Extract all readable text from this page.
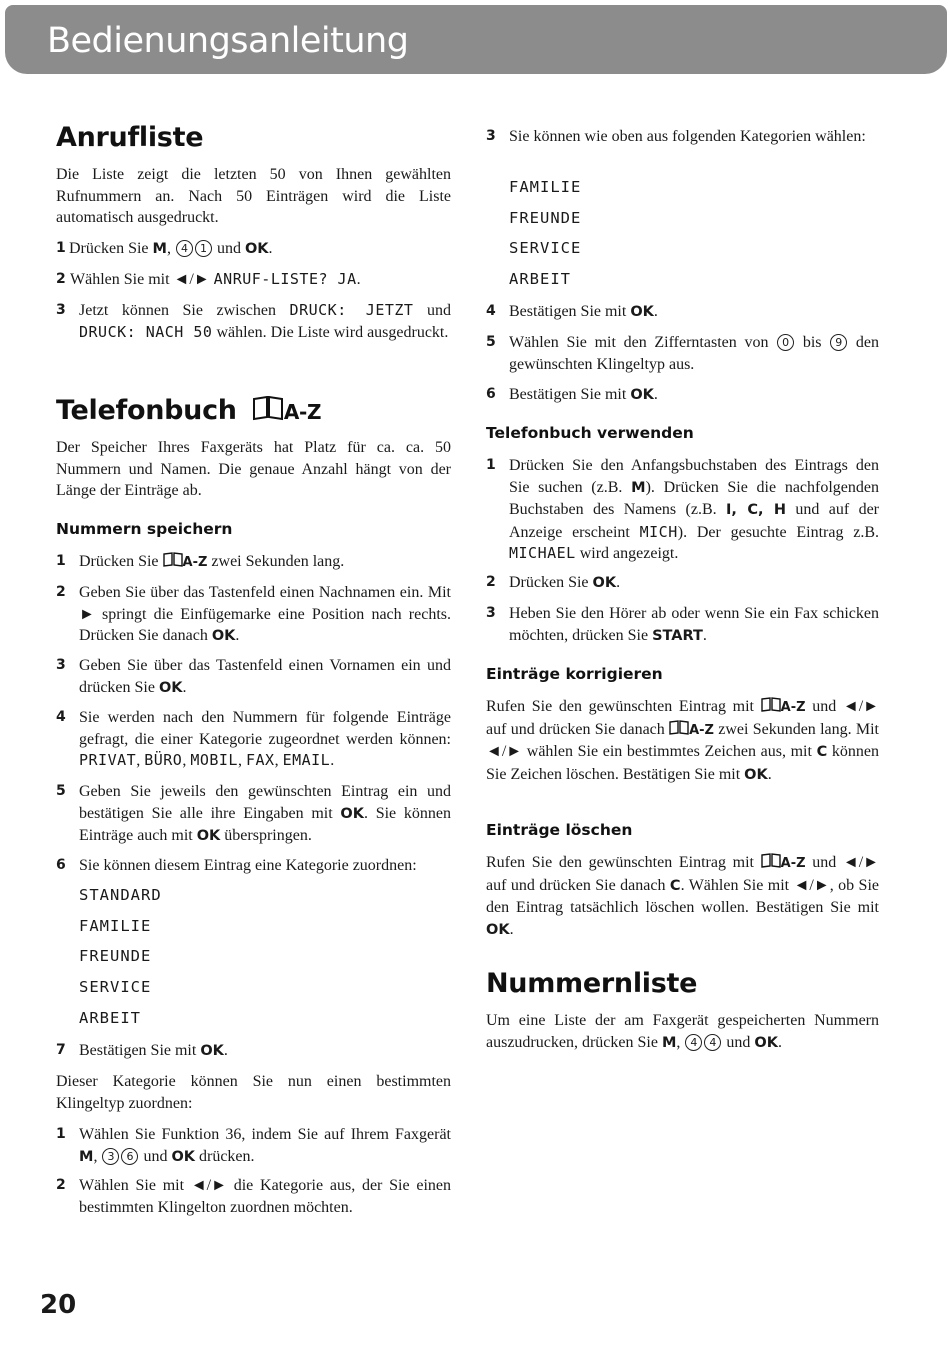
Bedienungsanleitung
Anrufliste
Die Liste zeigt die letzten 50 von Ihnen gewählten Rufnummern an. Nach 50 Einträgen wird die Liste automatisch ausgedruckt.
1 Drücken Sie M, 4 1 und OK.
2 Wählen Sie mit ◄/► ANRUF-LISTE? JA.
3 Jetzt können Sie zwischen DRUCK: JETZT und DRUCK: NACH 50 wählen. Die Liste wird ausgedruckt.
Telefonbuch A-Z
Der Speicher Ihres Faxgeräts hat Platz für ca. ca. 50 Nummern und Namen. Die genaue Anzahl hängt von der Länge der Einträge ab.
Nummern speichern
1 Drücken Sie A-Z zwei Sekunden lang.
2 Geben Sie über das Tastenfeld einen Nachnamen ein. Mit ► springt die Einfügemarke eine Position nach rechts. Drücken Sie danach OK.
3 Geben Sie über das Tastenfeld einen Vornamen ein und drücken Sie OK.
4 Sie werden nach den Nummern für folgende Einträge gefragt, die einer Kategorie zugeordnet werden können: PRIVAT, BÜRO, MOBIL, FAX, EMAIL.
5 Geben Sie jeweils den gewünschten Eintrag ein und bestätigen Sie alle ihre Eingaben mit OK. Sie können Einträge auch mit OK überspringen.
6 Sie können diesem Eintrag eine Kategorie zuordnen:
STANDARD
FAMILIE
FREUNDE
SERVICE
ARBEIT
7 Bestätigen Sie mit OK.
Dieser Kategorie können Sie nun einen bestimmten Klingeltyp zuordnen:
1 Wählen Sie Funktion 36, indem Sie auf Ihrem Faxgerät M, 3 6 und OK drücken.
2 Wählen Sie mit ◄/► die Kategorie aus, der Sie einen bestimmten Klingelton zuordnen möchten.
3 Sie können wie oben aus folgenden Kategorien wählen:
FAMILIE
FREUNDE
SERVICE
ARBEIT
4 Bestätigen Sie mit OK.
5 Wählen Sie mit den Zifferntasten von 0 bis 9 den gewünschten Klingeltyp aus.
6 Bestätigen Sie mit OK.
Telefonbuch verwenden
1 Drücken Sie den Anfangsbuchstaben des Eintrags den Sie suchen (z.B. M). Drücken Sie die nachfolgenden Buchstaben des Namens (z.B. I, C, H und auf der Anzeige erscheint MICH). Der gesuchte Eintrag z.B. MICHAEL wird angezeigt.
2 Drücken Sie OK.
3 Heben Sie den Hörer ab oder wenn Sie ein Fax schicken möchten, drücken Sie START.
Einträge korrigieren
Rufen Sie den gewünschten Eintrag mit A-Z und ◄/► auf und drücken Sie danach A-Z zwei Sekunden lang. Mit ◄/► wählen Sie ein bestimmtes Zeichen aus, mit C können Sie Zeichen löschen. Bestätigen Sie mit OK.
Einträge löschen
Rufen Sie den gewünschten Eintrag mit A-Z und ◄/► auf und drücken Sie danach C. Wählen Sie mit ◄/►, ob Sie den Eintrag tatsächlich löschen wollen. Bestätigen Sie mit OK.
Nummernliste
Um eine Liste der am Faxgerät gespeicherten Nummern auszudrucken, drücken Sie M, 4 4 und OK.
20
